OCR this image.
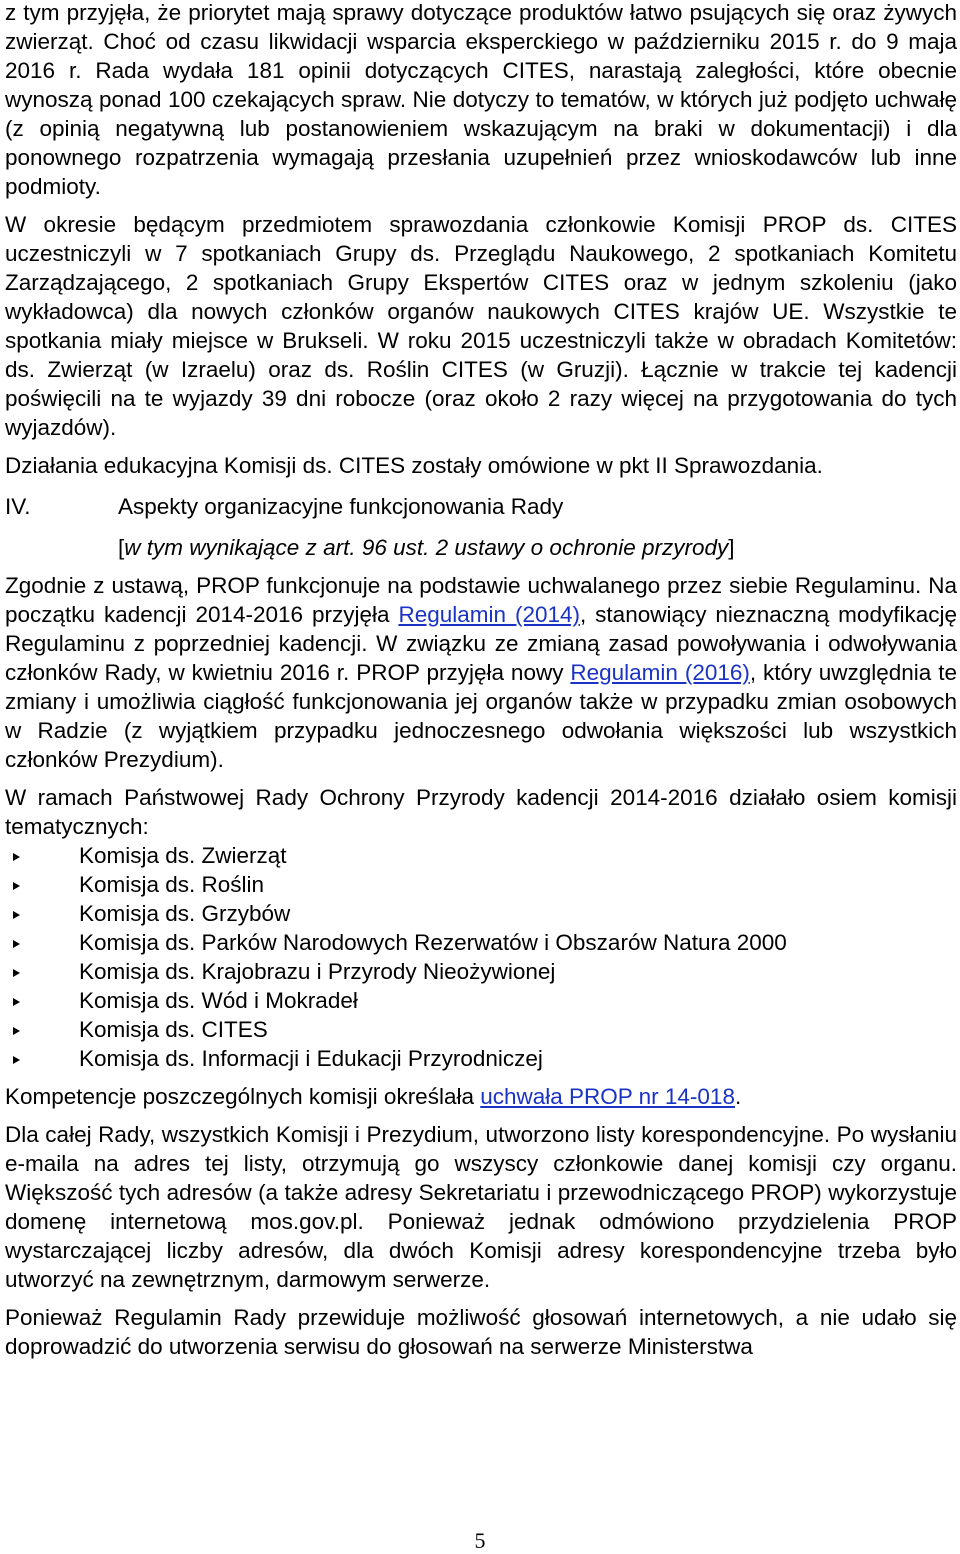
z tym przyjęła, że priorytet mają sprawy dotyczące produktów łatwo psujących się oraz żywych zwierząt. Choć od czasu likwidacji wsparcia eksperckiego w październiku 2015 r. do 9 maja 2016 r. Rada wydała 181 opinii dotyczących CITES, narastają zaległości, które obecnie wynoszą ponad 100 czekających spraw. Nie dotyczy to tematów, w których już podjęto uchwałę (z opinią negatywną lub postanowieniem wskazującym na braki w dokumentacji) i dla ponownego rozpatrzenia wymagają przesłania uzupełnień przez wnioskodawców lub inne podmioty.

W okresie będącym przedmiotem sprawozdania członkowie Komisji PROP ds. CITES uczestniczyli w 7 spotkaniach Grupy ds. Przeglądu Naukowego, 2 spotkaniach Komitetu Zarządzającego, 2 spotkaniach Grupy Ekspertów CITES oraz w jednym szkoleniu (jako wykładowca) dla nowych członków organów naukowych CITES krajów UE. Wszystkie te spotkania miały miejsce w Brukseli. W roku 2015 uczestniczyli także w obradach Komitetów: ds. Zwierząt (w Izraelu) oraz ds. Roślin CITES (w Gruzji). Łącznie w trakcie tej kadencji poświęcili na te wyjazdy 39 dni robocze (oraz około 2 razy więcej na przygotowania do tych wyjazdów).

Działania edukacyjna Komisji ds. CITES zostały omówione w pkt II Sprawozdania.

IV.	Aspekty organizacyjne funkcjonowania Rady
[w tym wynikające z art. 96 ust. 2 ustawy o ochronie przyrody]

Zgodnie z ustawą, PROP funkcjonuje na podstawie uchwalanego przez siebie Regulaminu. Na początku kadencji 2014-2016 przyjęła Regulamin (2014), stanowiący nieznaczną modyfikację Regulaminu z poprzedniej kadencji. W związku ze zmianą zasad powoływania i odwoływania członków Rady, w kwietniu 2016 r. PROP przyjęła nowy Regulamin (2016), który uwzględnia te zmiany i umożliwia ciągłość funkcjonowania jej organów także w przypadku zmian osobowych w Radzie (z wyjątkiem przypadku jednoczesnego odwołania większości lub wszystkich członków Prezydium).

W ramach Państwowej Rady Ochrony Przyrody kadencji 2014-2016 działało osiem komisji tematycznych:

Komisja ds. Zwierząt
Komisja ds. Roślin
Komisja ds. Grzybów
Komisja ds. Parków Narodowych Rezerwatów i Obszarów Natura 2000
Komisja ds. Krajobrazu i Przyrody Nieożywionej
Komisja ds. Wód i Mokradeł
Komisja ds. CITES
Komisja ds. Informacji i Edukacji Przyrodniczej

Kompetencje poszczególnych komisji określała uchwała PROP nr 14-018.

Dla całej Rady, wszystkich Komisji i Prezydium, utworzono listy korespondencyjne. Po wysłaniu e-maila na adres tej listy, otrzymują go wszyscy członkowie danej komisji czy organu. Większość tych adresów (a także adresy Sekretariatu i przewodniczącego PROP) wykorzystuje domenę internetową mos.gov.pl. Ponieważ jednak odmówiono przydzielenia PROP wystarczającej liczby adresów, dla dwóch Komisji adresy korespondencyjne trzeba było utworzyć na zewnętrznym, darmowym serwerze.

Ponieważ Regulamin Rady przewiduje możliwość głosowań internetowych, a nie udało się doprowadzić do utworzenia serwisu do głosowań na serwerze Ministerstwa

5
